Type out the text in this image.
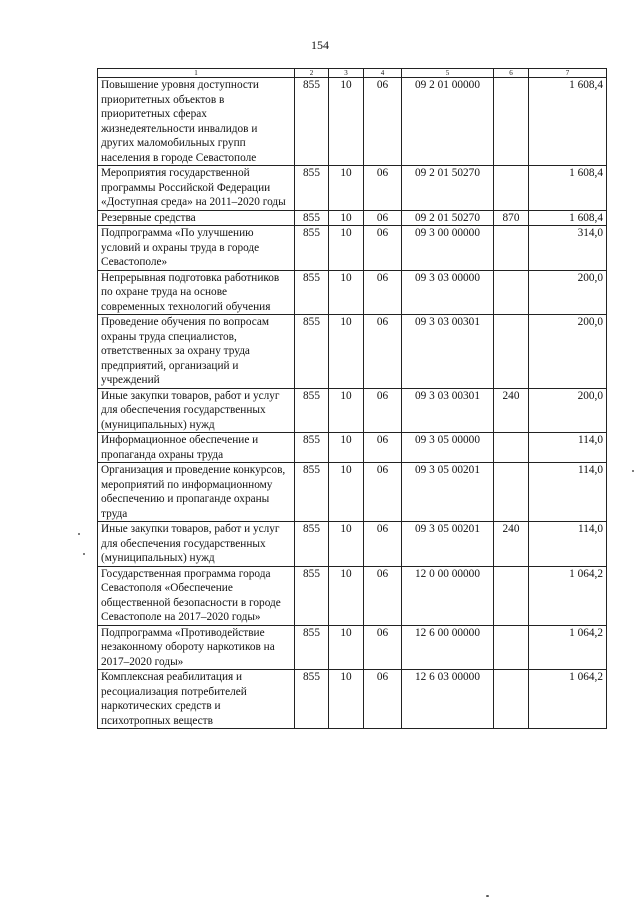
154
1	2	3	4	5	6	7
Повышение уровня доступности приоритетных объектов в приоритетных сферах жизнедеятельности инвалидов и других маломобильных групп населения в городе Севастополе	855	10	06	09 2 01 00000		1 608,4
Мероприятия государственной программы Российской Федерации «Доступная среда» на 2011–2020 годы	855	10	06	09 2 01 50270		1 608,4
Резервные средства	855	10	06	09 2 01 50270	870	1 608,4
Подпрограмма «По улучшению условий и охраны труда в городе Севастополе»	855	10	06	09 3 00 00000		314,0
Непрерывная подготовка работников по охране труда на основе современных технологий обучения	855	10	06	09 3 03 00000		200,0
Проведение обучения по вопросам охраны труда специалистов, ответственных за охрану труда предприятий, организаций и учреждений	855	10	06	09 3 03 00301		200,0
Иные закупки товаров, работ и услуг для обеспечения государственных (муниципальных) нужд	855	10	06	09 3 03 00301	240	200,0
Информационное обеспечение и пропаганда охраны труда	855	10	06	09 3 05 00000		114,0
Организация и проведение конкурсов, мероприятий по информационному обеспечению и пропаганде охраны труда	855	10	06	09 3 05 00201		114,0
Иные закупки товаров, работ и услуг для обеспечения государственных (муниципальных) нужд	855	10	06	09 3 05 00201	240	114,0
Государственная программа города Севастополя «Обеспечение общественной безопасности в городе Севастополе на 2017–2020 годы»	855	10	06	12 0 00 00000		1 064,2
Подпрограмма «Противодействие незаконному обороту наркотиков на 2017–2020 годы»	855	10	06	12 6 00 00000		1 064,2
Комплексная реабилитация и ресоциализация потребителей наркотических средств и психотропных веществ	855	10	06	12 6 03 00000		1 064,2
